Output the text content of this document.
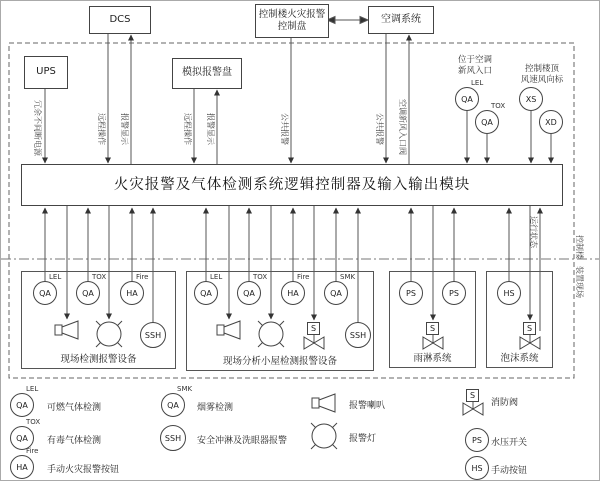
DCS	控制楼火灾报警控制盘
空调系统
UPS	模拟报警盘
火灾报警及气体检测系统逻辑控制器及输入输出模块
冗余不间断电源	远程操作	报警显示	远程操作	报警显示	公共报警	公共报警	空调新风入口阀
运行状态	控制楼
装置现场
位于空调
新风入口	控制楼顶
风速风向标
QA
LEL
QA
TOX
XS
XD
现场检测报警设备	现场分析小屋检测报警设备	雨淋系统	泡沫系统
QA
LEL
QA
TOX
HA
Fire
SSH
QA
LEL
QA
TOX
HA
Fire
QA
SMK
SSH
S
PS	PS
S
HS
S
QA
LEL
可燃气体检测
QA
TOX
有毒气体检测
HA
Fire
手动火灾报警按钮
QA
SMK
烟雾检测
SSH 安全冲淋及洗眼器报警
报警喇叭
报警灯
S
消防阀
PS 水压开关
HS 手动按钮
